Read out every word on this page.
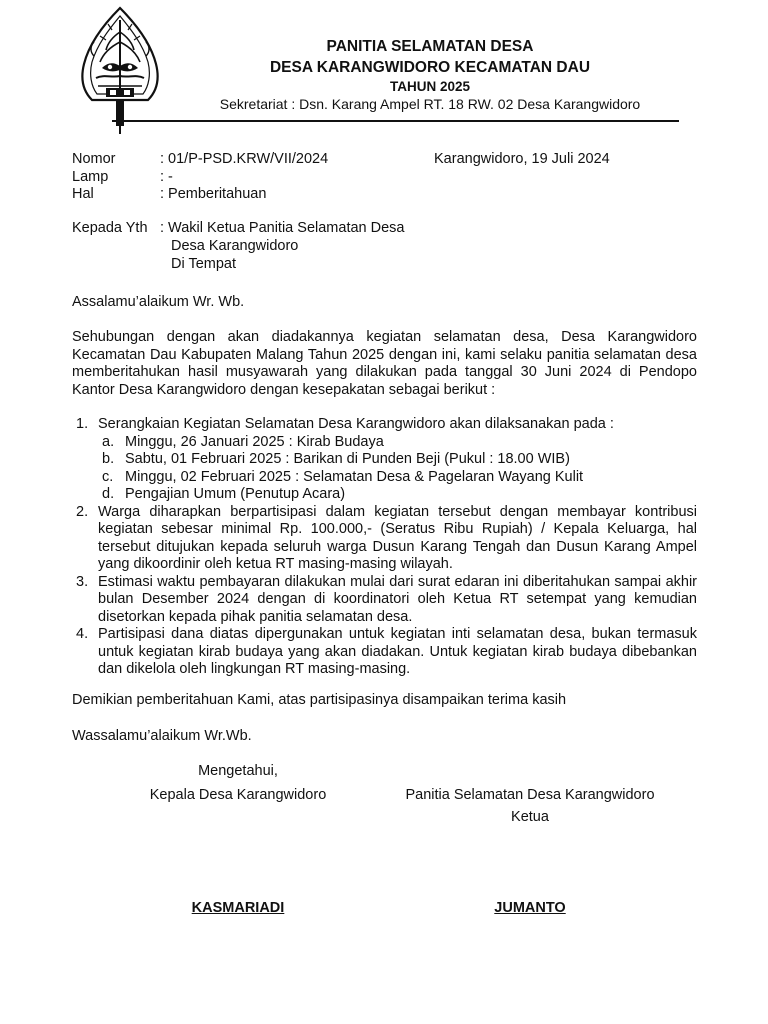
PANITIA SELAMATAN DESA
DESA KARANGWIDORO KECAMATAN DAU
TAHUN 2025
Sekretariat : Dsn. Karang Ampel RT. 18 RW. 02 Desa Karangwidoro
Nomor	: 01/P-PSD.KRW/VII/2024
Lamp	: -
Hal	: Pemberitahuan
Karangwidoro, 19 Juli 2024
Kepada Yth : Wakil Ketua Panitia Selamatan Desa
Desa Karangwidoro
Di Tempat
Assalamu’alaikum Wr. Wb.
Sehubungan dengan akan diadakannya kegiatan selamatan desa, Desa Karangwidoro Kecamatan Dau Kabupaten Malang Tahun 2025 dengan ini, kami selaku panitia selamatan desa memberitahukan hasil musyawarah yang dilakukan pada tanggal 30 Juni 2024 di Pendopo Kantor Desa Karangwidoro dengan kesepakatan sebagai berikut :
1. Serangkaian Kegiatan Selamatan Desa Karangwidoro akan dilaksanakan pada :
a. Minggu, 26 Januari 2025 : Kirab Budaya
b. Sabtu, 01 Februari 2025 : Barikan di Punden Beji (Pukul : 18.00 WIB)
c. Minggu, 02 Februari 2025 : Selamatan Desa & Pagelaran Wayang Kulit
d. Pengajian Umum (Penutup Acara)
2. Warga diharapkan berpartisipasi dalam kegiatan tersebut dengan membayar kontribusi kegiatan sebesar minimal Rp. 100.000,- (Seratus Ribu Rupiah) / Kepala Keluarga, hal tersebut ditujukan kepada seluruh warga Dusun Karang Tengah dan Dusun Karang Ampel yang dikoordinir oleh ketua RT masing-masing wilayah.
3. Estimasi waktu pembayaran dilakukan mulai dari surat edaran ini diberitahukan sampai akhir bulan Desember 2024 dengan di koordinatori oleh Ketua RT setempat yang kemudian disetorkan kepada pihak panitia selamatan desa.
4. Partisipasi dana diatas dipergunakan untuk kegiatan inti selamatan desa, bukan termasuk untuk kegiatan kirab budaya yang akan diadakan. Untuk kegiatan kirab budaya dibebankan dan dikelola oleh lingkungan RT masing-masing.
Demikian pemberitahuan Kami, atas partisipasinya disampaikan terima kasih
Wassalamu’alaikum Wr.Wb.
Mengetahui,
Kepala Desa Karangwidoro	Panitia Selamatan Desa Karangwidoro
Ketua
KASMARIADI	JUMANTO
